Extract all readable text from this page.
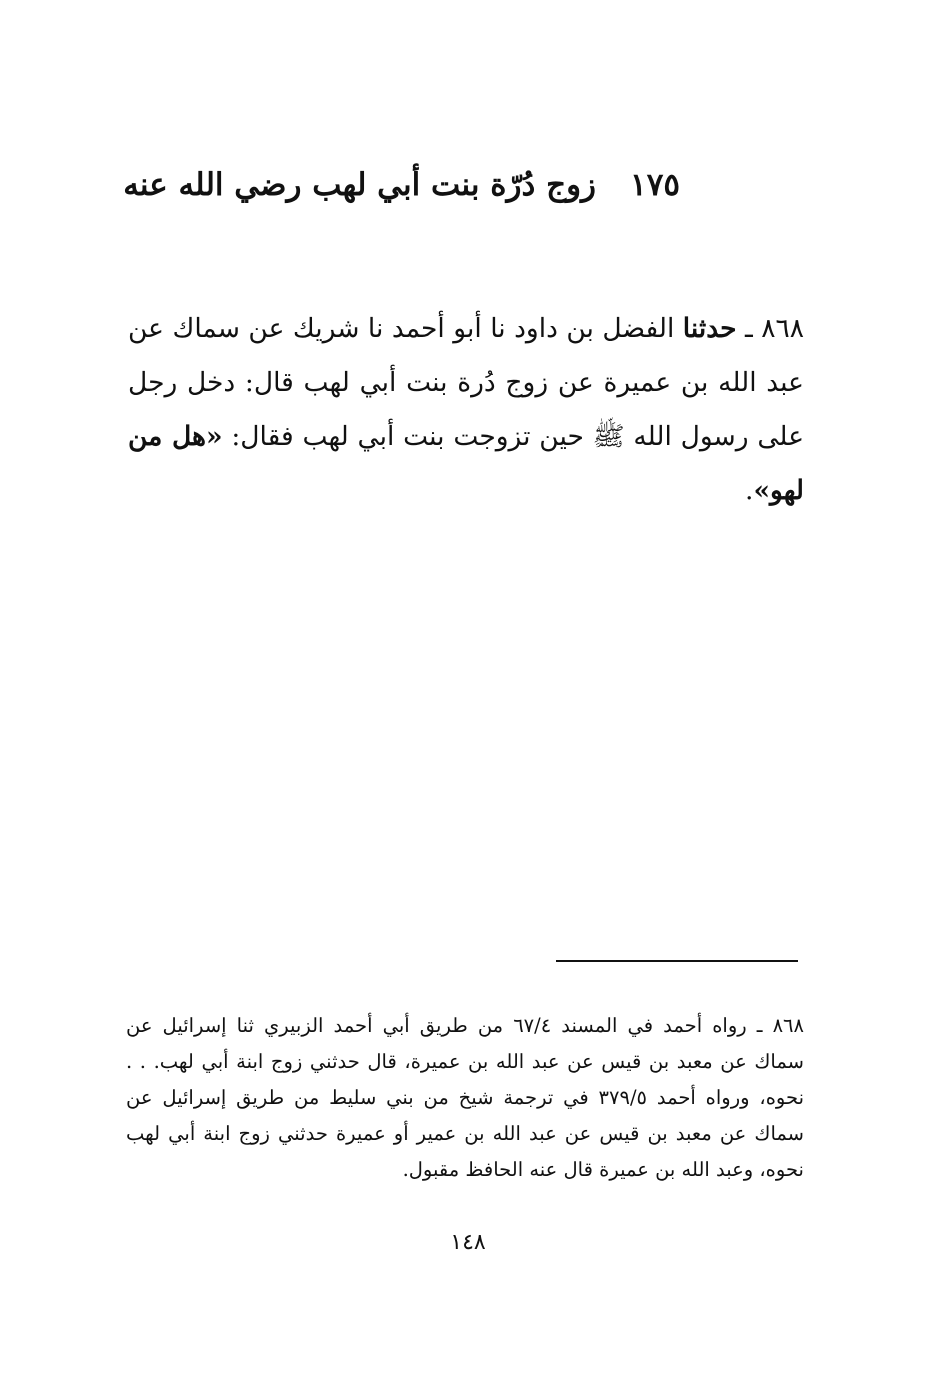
١٧٥زوج دُرّة بنت أبي لهب رضي الله عنه
٨٦٨ ـ حدثنا الفضل بن داود نا أبو أحمد نا شريك عن سماك عن عبد الله بن عميرة عن زوج دُرة بنت أبي لهب قال: دخل رجل على رسول الله ﷺ حين تزوجت بنت أبي لهب فقال: «هل من لهو».
٨٦٨ ـ رواه أحمد في المسند ٦٧/٤ من طريق أبي أحمد الزبيري ثنا إسرائيل عن سماك عن معبد بن قيس عن عبد الله بن عميرة، قال حدثني زوج ابنة أبي لهب. . . نحوه، ورواه أحمد ٣٧٩/٥ في ترجمة شيخ من بني سليط من طريق إسرائيل عن سماك عن معبد بن قيس عن عبد الله بن عمير أو عميرة حدثني زوج ابنة أبي لهب نحوه، وعبد الله بن عميرة قال عنه الحافظ مقبول.
١٤٨
